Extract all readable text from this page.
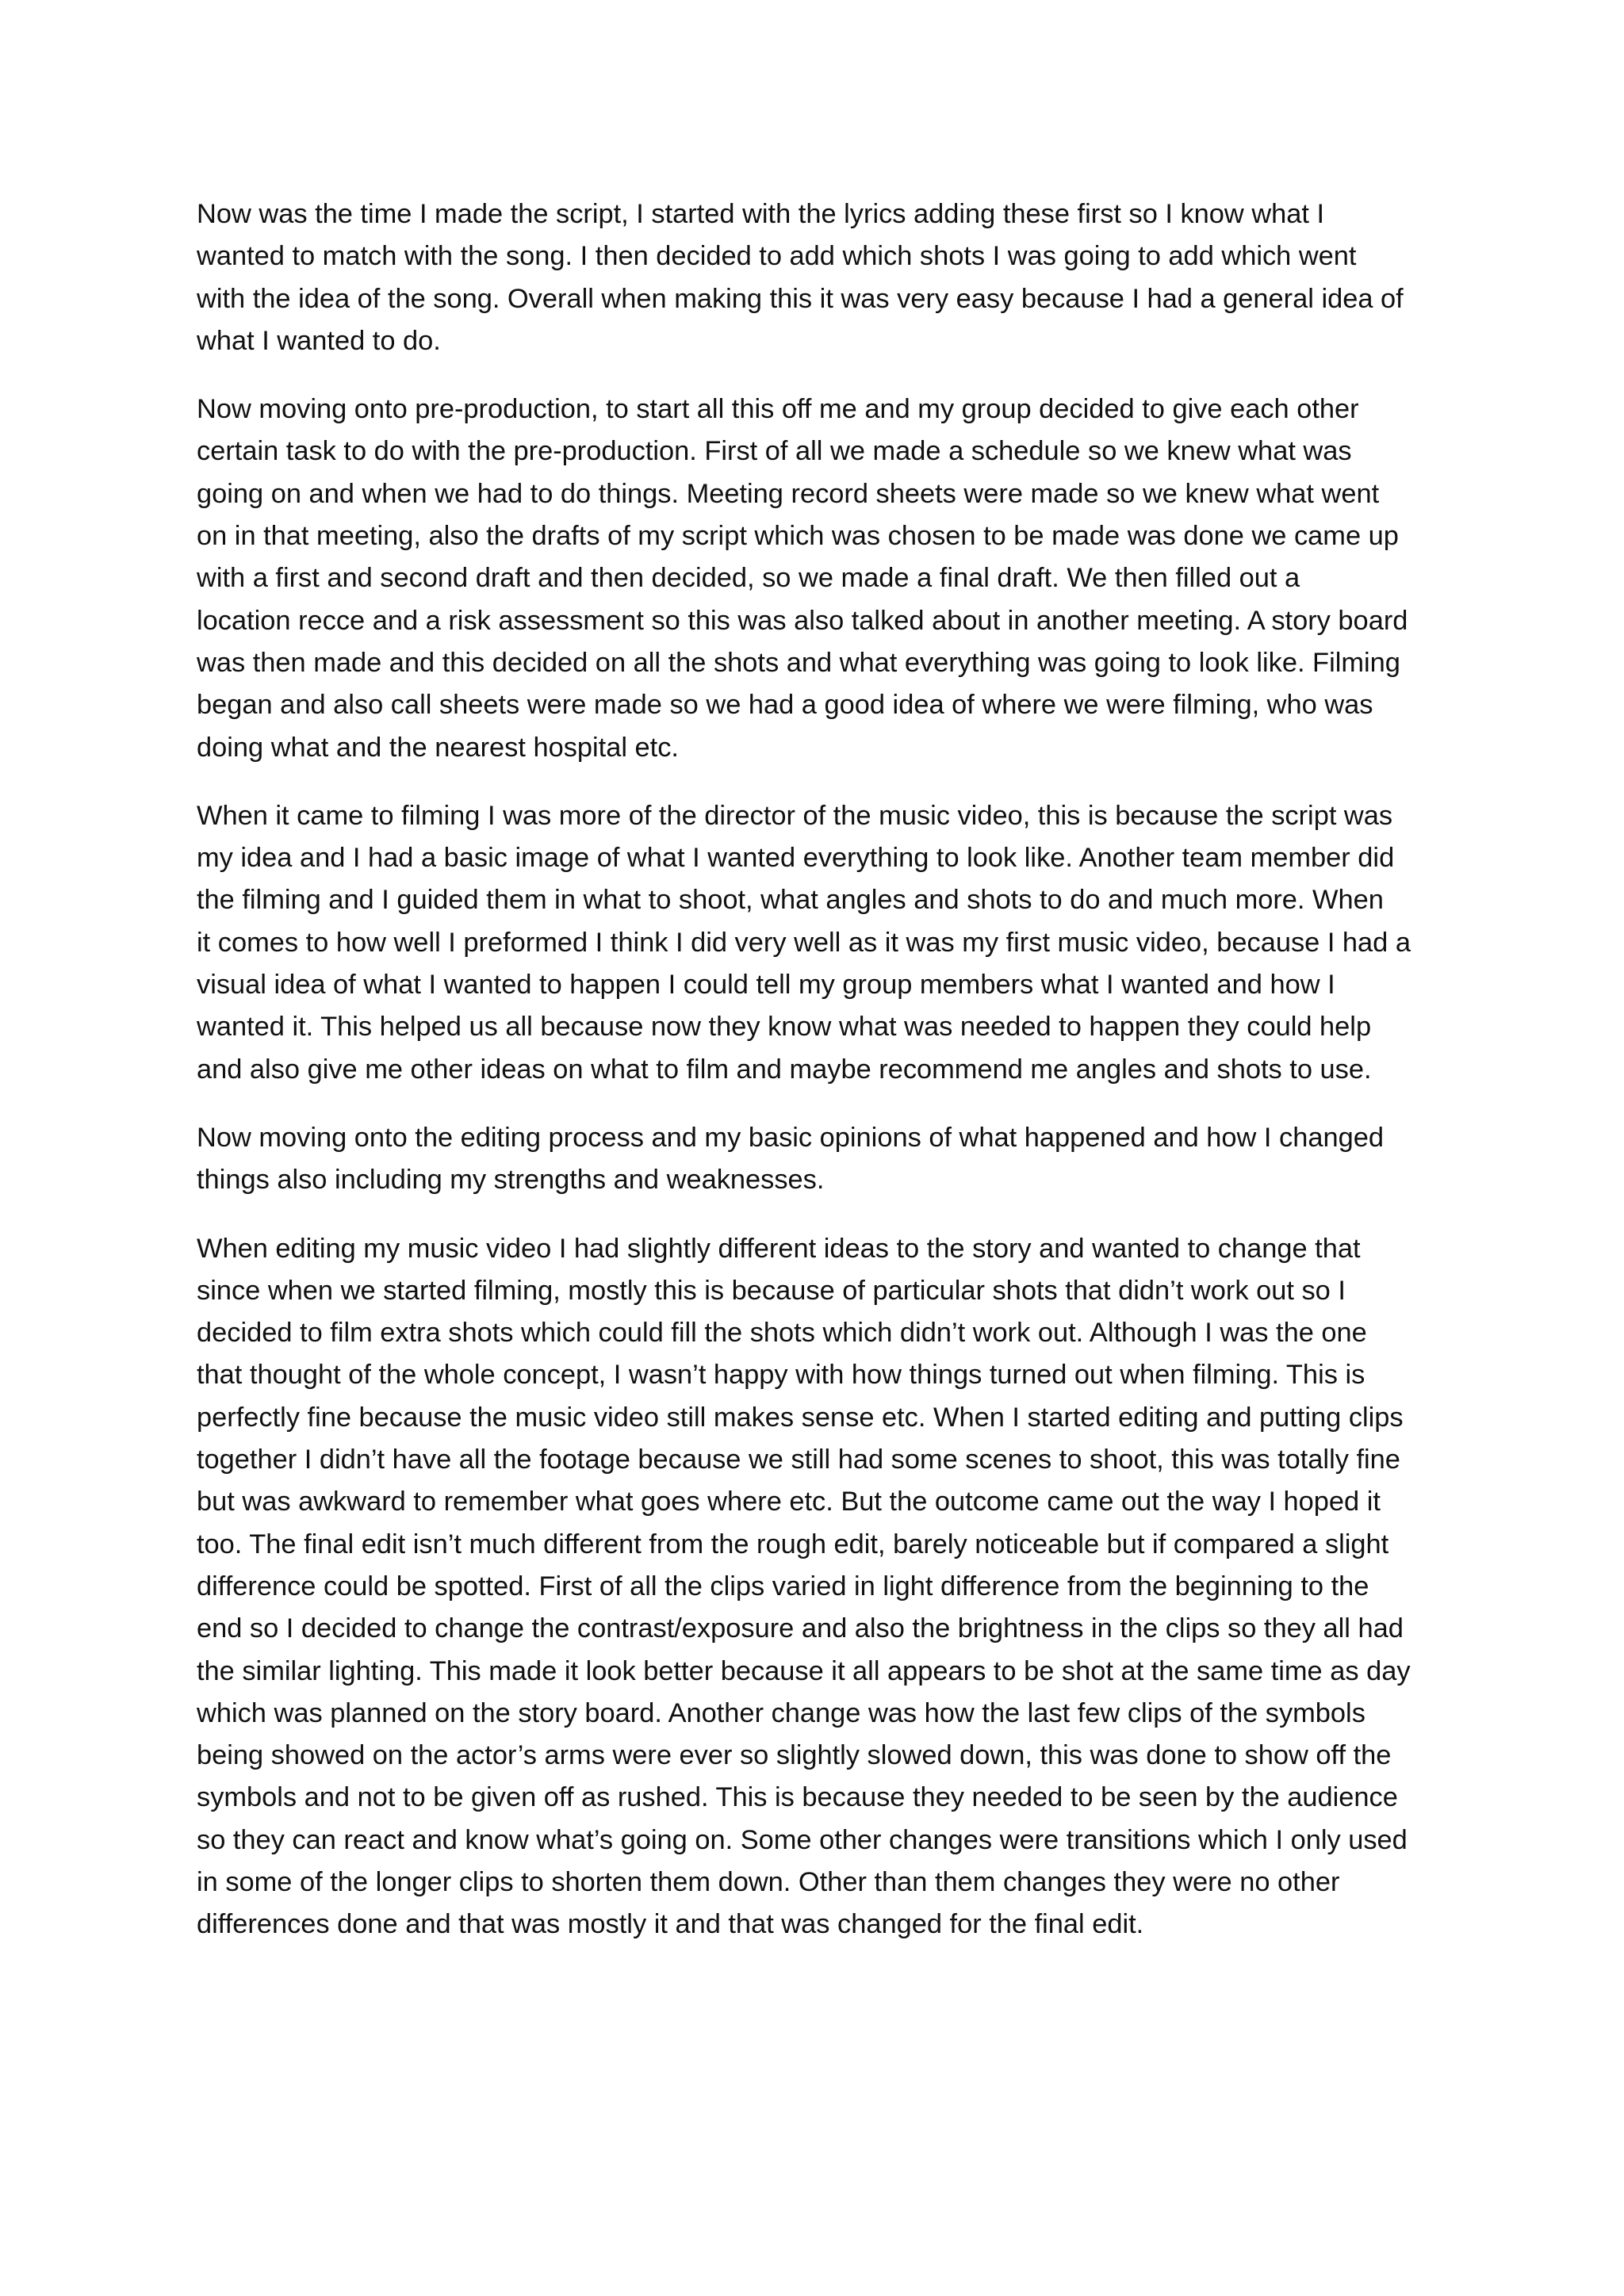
Now was the time I made the script, I started with the lyrics adding these first so I know what I
wanted to match with the song. I then decided to add which shots I was going to add which went
with the idea of the song. Overall when making this it was very easy because I had a general idea of
what I wanted to do.

Now moving onto pre-production, to start all this off me and my group decided to give each other
certain task to do with the pre-production. First of all we made a schedule so we knew what was
going on and when we had to do things. Meeting record sheets were made so we knew what went
on in that meeting, also the drafts of my script which was chosen to be made was done we came up
with a first and second draft and then decided, so we made a final draft. We then filled out a
location recce and a risk assessment so this was also talked about in another meeting. A story board
was then made and this decided on all the shots and what everything was going to look like. Filming
began and also call sheets were made so we had a good idea of where we were filming, who was
doing what and the nearest hospital etc.

When it came to filming I was more of the director of the music video, this is because the script was
my idea and I had a basic image of what I wanted everything to look like. Another team member did
the filming and I guided them in what to shoot, what angles and shots to do and much more. When
it comes to how well I preformed I think I did very well as it was my first music video, because I had a
visual idea of what I wanted to happen I could tell my group members what I wanted and how I
wanted it. This helped us all because now they know what was needed to happen they could help
and also give me other ideas on what to film and maybe recommend me angles and shots to use.

Now moving onto the editing process and my basic opinions of what happened and how I changed
things also including my strengths and weaknesses.

When editing my music video I had slightly different ideas to the story and wanted to change that
since when we started filming, mostly this is because of particular shots that didn’t work out so I
decided to film extra shots which could fill the shots which didn’t work out. Although I was the one
that thought of the whole concept, I wasn’t happy with how things turned out when filming. This is
perfectly fine because the music video still makes sense etc. When I started editing and putting clips
together I didn’t have all the footage because we still had some scenes to shoot, this was totally fine
but was awkward to remember what goes where etc. But the outcome came out the way I hoped it
too. The final edit isn’t much different from the rough edit, barely noticeable but if compared a slight
difference could be spotted. First of all the clips varied in light difference from the beginning to the
end so I decided to change the contrast/exposure and also the brightness in the clips so they all had
the similar lighting. This made it look better because it all appears to be shot at the same time as day
which was planned on the story board. Another change was how the last few clips of the symbols
being showed on the actor’s arms were ever so slightly slowed down, this was done to show off the
symbols and not to be given off as rushed. This is because they needed to be seen by the audience
so they can react and know what’s going on. Some other changes were transitions which I only used
in some of the longer clips to shorten them down. Other than them changes they were no other
differences done and that was mostly it and that was changed for the final edit.
